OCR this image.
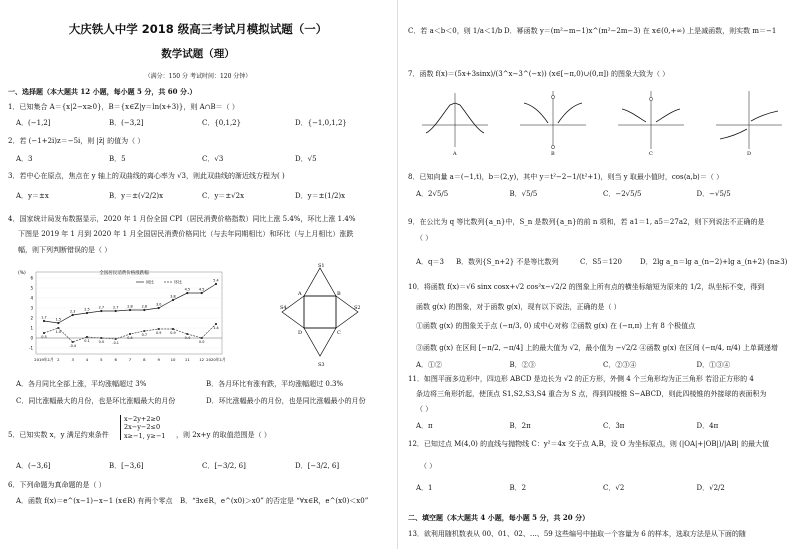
大庆铁人中学 2018 级高三考试月模拟试题（一）
数学试题（理）
（满分：150 分 考试时间：120 分钟）
一、选择题（本大题共 12 小题，每小题 5 分，共 60 分.）
1．已知集合 A＝{x|2−x≥0}，B＝{x∈Z|y＝ln(x+3)}，则 A∩B＝（ ）
A．(−1,2]	B．(−3,2]	C．{0,1,2}	D．{−1,0,1,2}
2．若 (−1+2i)z＝−5i，则 |z̄| 的值为（ ）
A．3	B．5	C．√3	D．√5
3．若中心在原点，焦点在 y 轴上的双曲线的离心率为 √3，则此双曲线的渐近线方程为( )
A．y＝±x	B．y＝±(√2/2)x	C．y＝±√2x	D．y＝±(1/2)x
4．国家统计局发布数据显示，2020 年 1 月份全国 CPI（居民消费价格指数）同比上涨 5.4%，环比上涨 1.4%
下图是 2019 年 1 月到 2020 年 1 月全国居民消费价格同比（与去年同期相比）和环比（与上月相比）涨跌
幅，则下列判断错误的是（ ）
全国居民消费价格涨跌幅
(%)
同比	环比
6
5
4
3
2
1
0
-1
2019年1月 2	3	4	5	6	7	8	9	10 11 12 2020年1月
1.7	1.5
2.3	2.5	2.7	2.7	2.8	2.8	3.0
3.8
4.5	4.5
5.4
0.5
1.0
-0.4
0.1	0.0 -0.1
0.4
0.7	0.9	0.9
0.4
0.0
1.4
S1
S2
S3
S4
A	B
C
D
A．各月同比全部上涨，平均涨幅超过 3%	B．各月环比有涨有跌，平均涨幅超过 0.3%
C．同比涨幅最大的月份，也是环比涨幅最大的月份	D．环比涨幅最小的月份，也是同比涨幅最小的月份
5．已知实数 x，y 满足约束条件
x−2y+2≥0
2x−y−2≤0
x≥−1, y≥−1 ，则 2x+y 的取值范围是（ ）
A．(−3,6]	B．[−3,6]	C．[−3/2, 6]	D．[−3/2, 6]
6．下列命题为真命题的是（ ）
A．函数 f(x)＝e^(x−1)−x−1 (x∈R) 有两个零点	B．“∃x∈R，e^(x0)＞x0” 的否定是 “∀x∈R，e^(x0)＜x0”
C．若 a＜b＜0，则 1/a＜1/b D．幂函数 y＝(m²−m−1)x^(m²−2m−3) 在 x∈(0,+∞) 上是减函数，则实数 m＝−1
7．函数 f(x)＝(5x+3sinx)/(3^x−3^(−x)) (x∈[−π,0)∪(0,π]) 的图象大致为（ ）
A	B	C	D
8．已知向量 a＝(−1,t)，b＝(2,y)，其中 y＝t²−2−1/(t²+1)，则当 y 取最小值时，cos⟨a,b⟩＝（ ）
A．2√5/5	B．√5/5	C．−2√5/5	D．−√5/5
9．在公比为 q 等比数列{a_n}中，S_n 是数列{a_n}的前 n 项和，若 a1＝1, a5＝27a2，则下列说法不正确的是
（ ）
A．q＝3	B．数列{S_n+2} 不是等比数列	C．S5＝120	D．2lg a_n＝lg a_(n−2)+lg a_(n+2) (n≥3)
10．将函数 f(x)＝√6 sinx cosx+√2 cos²x−√2/2 的图象上所有点的横坐标缩短为原来的 1/2，纵坐标不变，得到
函数 g(x) 的图象，对于函数 g(x)，现有以下说法，正确的是（ ）
①函数 g(x) 的图象关于点 (−π/3, 0) 成中心对称 ②函数 g(x) 在 (−π,π) 上有 8 个极值点
③函数 g(x) 在区间 [−π/2, −π/4] 上的最大值为 √2，最小值为 −√2/2 ④函数 g(x) 在区间 (−π/4, π/4) 上单调递增
A．①②	B．②③	C．②③④	D．①③④
11．如图平面多边形中，四边形 ABCD 是边长为 √2 的正方形，外侧 4 个三角形均为正三角形 若沿正方形的 4
条边将三角形折起，使顶点 S1,S2,S3,S4 重合为 S 点，得到四棱锥 S−ABCD，则此四棱锥的外接球的表面积为
（ ）
A．π	B．2π	C．3π	D．4π
12．已知过点 M(4,0) 的直线与抛物线 C：y²＝4x 交于点 A,B，设 O 为坐标原点，则 (|OA|+|OB|)/|AB| 的最大值
（ ）
A．1	B．2	C．√2	D．√2/2
二、填空题（本大题共 4 小题，每小题 5 分，共 20 分）
13．欲利用随机数表从 00、01、02、…、59 这些编号中抽取一个容量为 6 的样本，选取方法是从下面的随
